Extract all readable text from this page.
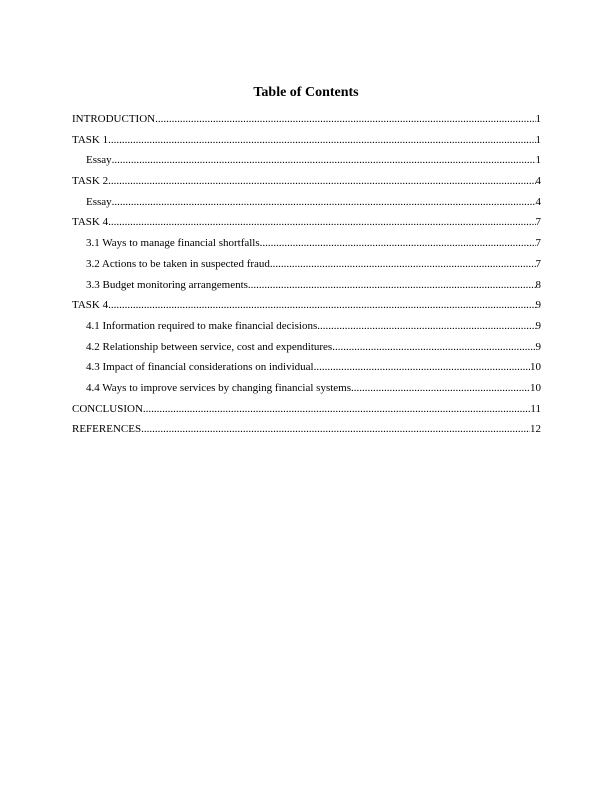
Table of Contents
INTRODUCTION .....	1
TASK 1 .....	1
Essay .....	1
TASK 2 .....	4
Essay .....	4
TASK 4 .....	7
3.1 Ways to manage financial shortfalls .....	7
3.2 Actions to be taken in suspected fraud .....	7
3.3 Budget monitoring arrangements .....	8
TASK 4 .....	9
4.1 Information required to make financial decisions .....	9
4.2 Relationship between service, cost and expenditures .....	9
4.3 Impact of financial considerations on individual .....	10
4.4 Ways to improve services by changing financial systems .....	10
CONCLUSION .....	11
REFERENCES .....	12
